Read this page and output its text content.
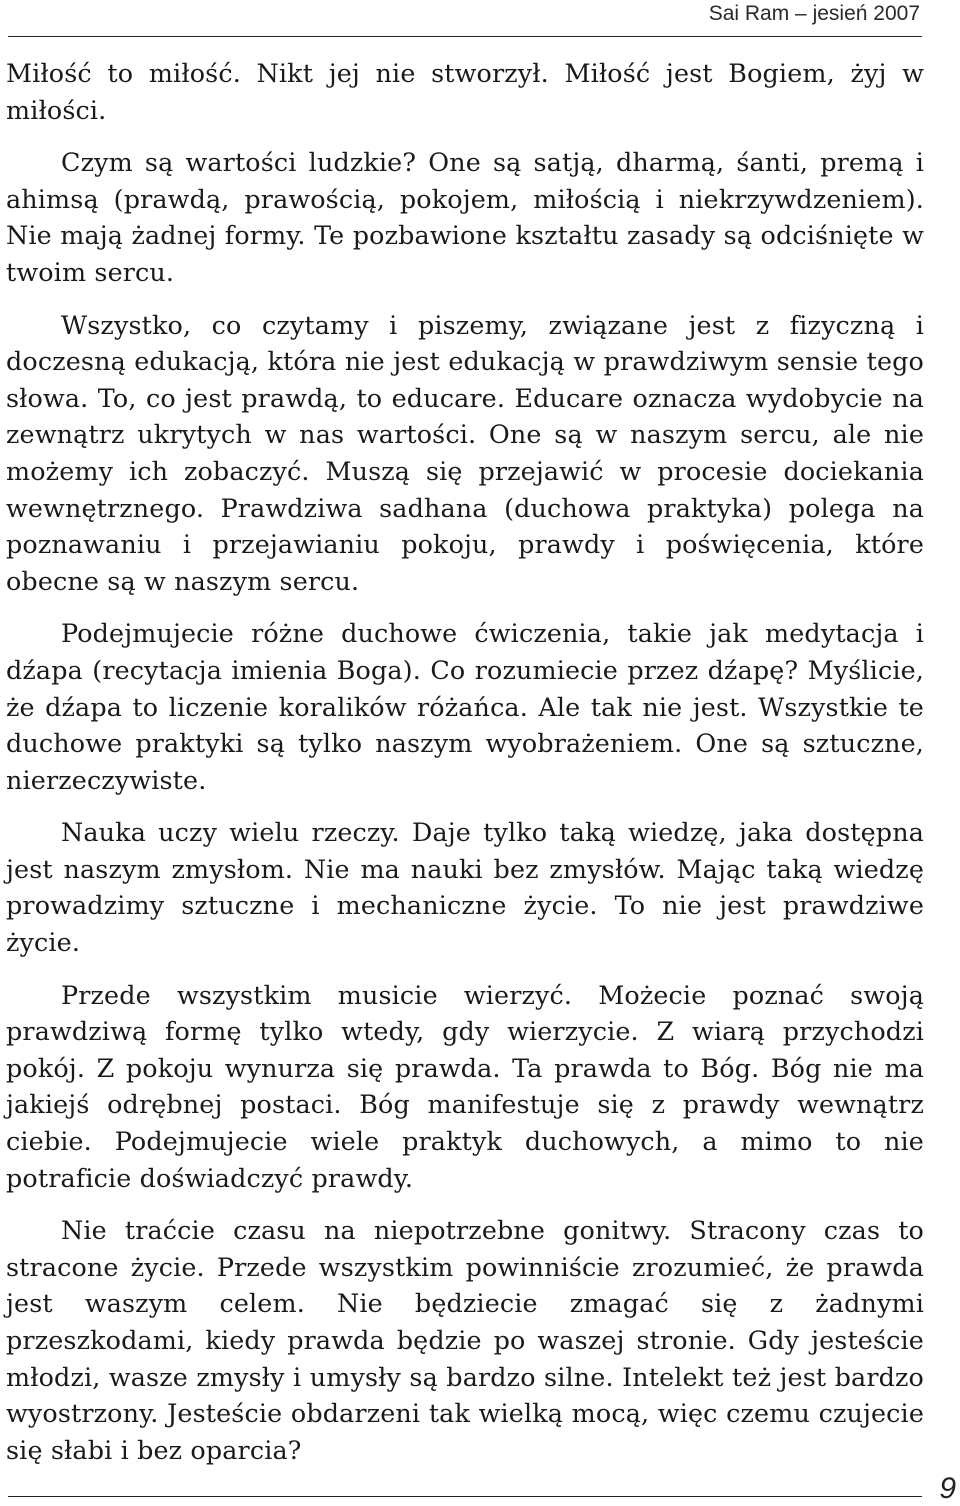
Sai Ram – jesień 2007

Miłość to miłość. Nikt jej nie stworzył. Miłość jest Bogiem, żyj w miłości.

Czym są wartości ludzkie? One są satją, dharmą, śanti, premą i ahimsą (prawdą, prawością, pokojem, miłością i niekrzywdzeniem). Nie mają żadnej formy. Te pozbawione kształtu zasady są odciśnięte w twoim sercu.

Wszystko, co czytamy i piszemy, związane jest z fizyczną i doczesną edukacją, która nie jest edukacją w prawdziwym sensie tego słowa. To, co jest prawdą, to educare. Educare oznacza wydobycie na zewnątrz ukrytych w nas wartości. One są w naszym sercu, ale nie możemy ich zobaczyć. Muszą się przejawić w procesie dociekania wewnętrznego. Prawdziwa sadhana (duchowa praktyka) polega na poznawaniu i przejawianiu pokoju, prawdy i poświęcenia, które obecne są w naszym sercu.

Podejmujecie różne duchowe ćwiczenia, takie jak medytacja i dźapa (recytacja imienia Boga). Co rozumiecie przez dźapę? Myślicie, że dźapa to liczenie koralików różańca. Ale tak nie jest. Wszystkie te duchowe praktyki są tylko naszym wyobrażeniem. One są sztuczne, nierzeczywiste.

Nauka uczy wielu rzeczy. Daje tylko taką wiedzę, jaka dostępna jest naszym zmysłom. Nie ma nauki bez zmysłów. Mając taką wiedzę prowadzimy sztuczne i mechaniczne życie. To nie jest prawdziwe życie.

Przede wszystkim musicie wierzyć. Możecie poznać swoją prawdziwą formę tylko wtedy, gdy wierzycie. Z wiarą przychodzi pokój. Z pokoju wynurza się prawda. Ta prawda to Bóg. Bóg nie ma jakiejś odrębnej postaci. Bóg manifestuje się z prawdy wewnątrz ciebie. Podejmujecie wiele praktyk duchowych, a mimo to nie potraficie doświadczyć prawdy.

Nie traćcie czasu na niepotrzebne gonitwy. Stracony czas to stracone życie. Przede wszystkim powinniście zrozumieć, że prawda jest waszym celem. Nie będziecie zmagać się z żadnymi przeszkodami, kiedy prawda będzie po waszej stronie. Gdy jesteście młodzi, wasze zmysły i umysły są bardzo silne. Intelekt też jest bardzo wyostrzony. Jesteście obdarzeni tak wielką mocą, więc czemu czujecie się słabi i bez oparcia?

9
